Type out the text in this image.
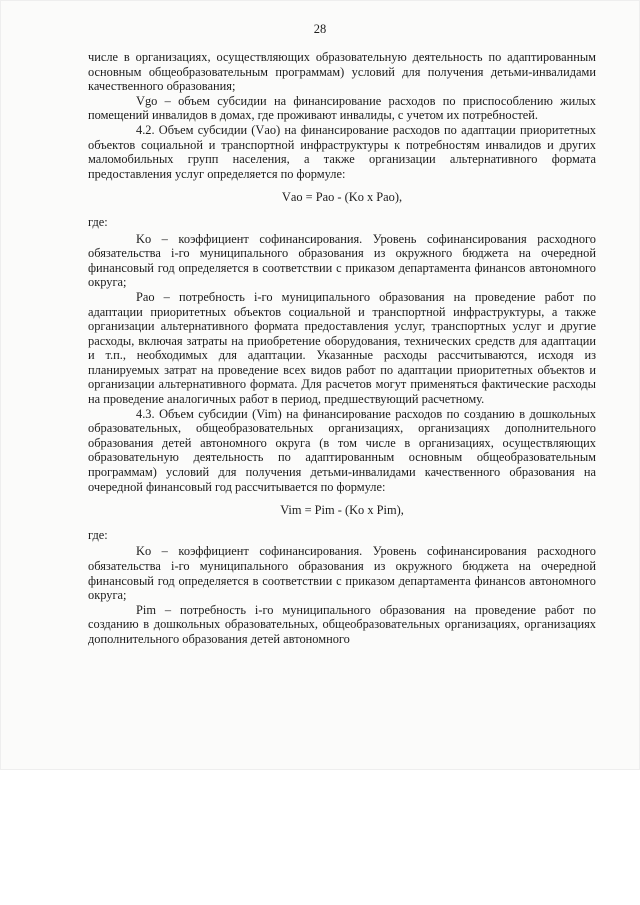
28

числе в организациях, осуществляющих образовательную деятельность по адаптированным основным общеобразовательным программам) условий для получения детьми-инвалидами качественного образования;

Vgo – объем субсидии на финансирование расходов по приспособлению жилых помещений инвалидов в домах, где проживают инвалиды, с учетом их потребностей.

4.2. Объем субсидии (Vао) на финансирование расходов по адаптации приоритетных объектов социальной и транспортной инфраструктуры к потребностям инвалидов и других маломобильных групп населения, а также организации альтернативного формата предоставления услуг определяется по формуле:

Vао = Pао - (Kо x Pао),

где:

Kо – коэффициент софинансирования. Уровень софинансирования расходного обязательства i-го муниципального образования из окружного бюджета на очередной финансовый год определяется в соответствии с приказом департамента финансов автономного округа;

Pао – потребность i-го муниципального образования на проведение работ по адаптации приоритетных объектов социальной и транспортной инфраструктуры, а также организации альтернативного формата предоставления услуг, транспортных услуг и другие расходы, включая затраты на приобретение оборудования, технических средств для адаптации и т.п., необходимых для адаптации. Указанные расходы рассчитываются, исходя из планируемых затрат на проведение всех видов работ по адаптации приоритетных объектов и организации альтернативного формата. Для расчетов могут применяться фактические расходы на проведение аналогичных работ в период, предшествующий расчетному.

4.3. Объем субсидии (Vim) на финансирование расходов по созданию в дошкольных образовательных, общеобразовательных организациях, организациях дополнительного образования детей автономного округа (в том числе в организациях, осуществляющих образовательную деятельность по адаптированным основным общеобразовательным программам) условий для получения детьми-инвалидами качественного образования на очередной финансовый год рассчитывается по формуле:

Vim = Pim - (Kо x Pim),

где:

Kо – коэффициент софинансирования. Уровень софинансирования расходного обязательства i-го муниципального образования из окружного бюджета на очередной финансовый год определяется в соответствии с приказом департамента финансов автономного округа;

Pim – потребность i-го муниципального образования на проведение работ по созданию в дошкольных образовательных, общеобразовательных организациях, организациях дополнительного образования детей автономного
